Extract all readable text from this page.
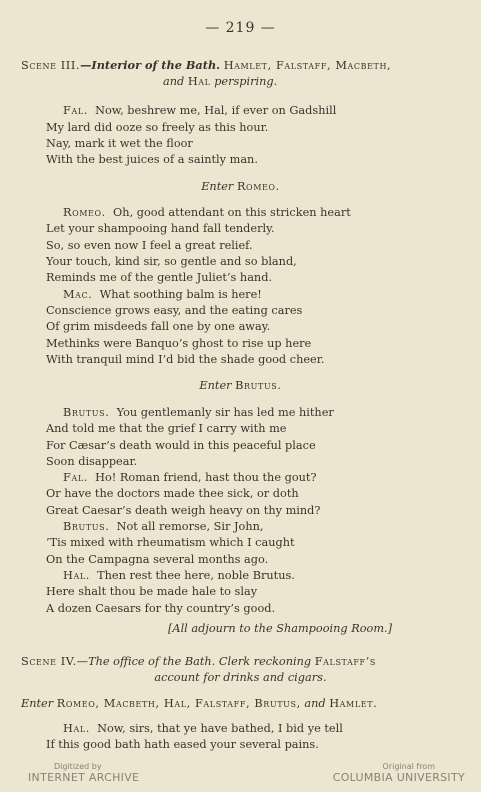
— 219 —
Scene III.—Interior of the Bath. Hamlet, Falstaff, Macbeth,
and Hal perspiring.
Fal. Now, beshrew me, Hal, if ever on Gadshill
My lard did ooze so freely as this hour.
Nay, mark it wet the floor
With the best juices of a saintly man.
Enter Romeo.
Romeo. Oh, good attendant on this stricken heart
Let your shampooing hand fall tenderly.
So, so even now I feel a great relief.
Your touch, kind sir, so gentle and so bland,
Reminds me of the gentle Juliet’s hand.
Mac. What soothing balm is here!
Conscience grows easy, and the eating cares
Of grim misdeeds fall one by one away.
Methinks were Banquo’s ghost to rise up here
With tranquil mind I’d bid the shade good cheer.
Enter Brutus.
Brutus. You gentlemanly sir has led me hither
And told me that the grief I carry with me
For Cæsar’s death would in this peaceful place
Soon disappear.
Fal. Ho! Roman friend, hast thou the gout?
Or have the doctors made thee sick, or doth
Great Caesar’s death weigh heavy on thy mind?
Brutus. Not all remorse, Sir John,
’Tis mixed with rheumatism which I caught
On the Campagna several months ago.
Hal. Then rest thee here, noble Brutus.
Here shalt thou be made hale to slay
A dozen Caesars for thy country’s good.
[All adjourn to the Shampooing Room.]
Scene IV.—The office of the Bath. Clerk reckoning Falstaff’s
account for drinks and cigars.
Enter Romeo, Macbeth, Hal, Falstaff, Brutus, and Hamlet.
Hal. Now, sirs, that ye have bathed, I bid ye tell
If this good bath hath eased your several pains.
Digitized by
INTERNET ARCHIVE
Original from
COLUMBIA UNIVERSITY
